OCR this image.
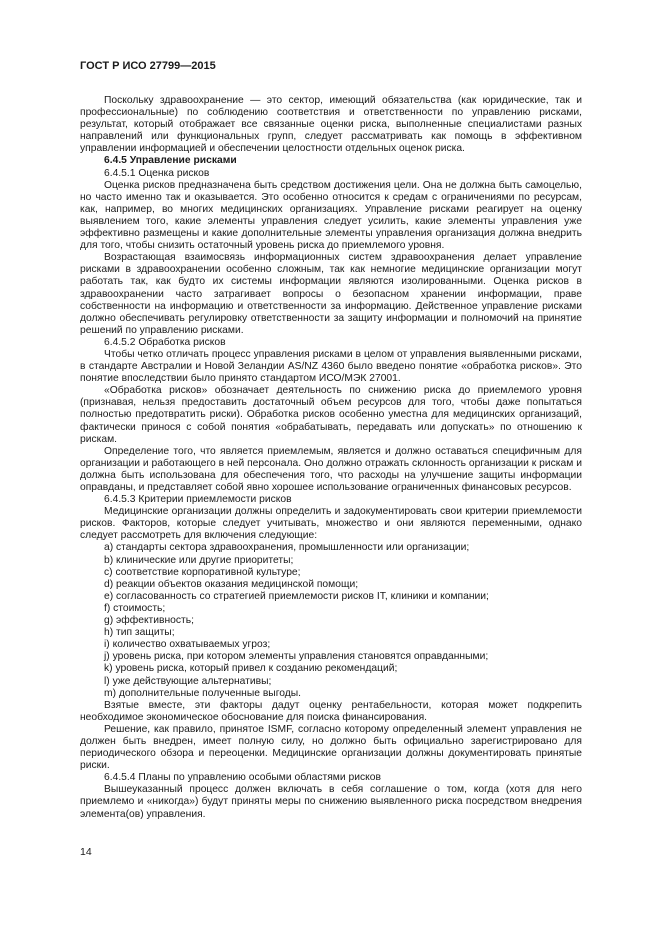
ГОСТ Р ИСО 27799—2015

Поскольку здравоохранение — это сектор, имеющий обязательства (как юридические, так и профессиональные) по соблюдению соответствия и ответственности по управлению рисками, результат, который отображает все связанные оценки риска, выполненные специалистами разных направлений или функциональных групп, следует рассматривать как помощь в эффективном управлении информацией и обеспечении целостности отдельных оценок риска.

6.4.5 Управление рисками

6.4.5.1 Оценка рисков

Оценка рисков предназначена быть средством достижения цели. Она не должна быть самоцелью, но часто именно так и оказывается. Это особенно относится к средам с ограничениями по ресурсам, как, например, во многих медицинских организациях. Управление рисками реагирует на оценку выявлением того, какие элементы управления следует усилить, какие элементы управления уже эффективно размещены и какие дополнительные элементы управления организация должна внедрить для того, чтобы снизить остаточный уровень риска до приемлемого уровня.

Возрастающая взаимосвязь информационных систем здравоохранения делает управление рисками в здравоохранении особенно сложным, так как немногие медицинские организации могут работать так, как будто их системы информации являются изолированными. Оценка рисков в здравоохранении часто затрагивает вопросы о безопасном хранении информации, праве собственности на информацию и ответственности за информацию. Действенное управление рисками должно обеспечивать регулировку ответственности за защиту информации и полномочий на принятие решений по управлению рисками.

6.4.5.2 Обработка рисков

Чтобы четко отличать процесс управления рисками в целом от управления выявленными рисками, в стандарте Австралии и Новой Зеландии AS/NZ 4360 было введено понятие «обработка рисков». Это понятие впоследствии было принято стандартом ИСО/МЭК 27001.

«Обработка рисков» обозначает деятельность по снижению риска до приемлемого уровня (признавая, нельзя предоставить достаточный объем ресурсов для того, чтобы даже попытаться полностью предотвратить риски). Обработка рисков особенно уместна для медицинских организаций, фактически принося с собой понятия «обрабатывать, передавать или допускать» по отношению к рискам.

Определение того, что является приемлемым, является и должно оставаться специфичным для организации и работающего в ней персонала. Оно должно отражать склонность организации к рискам и должна быть использована для обеспечения того, что расходы на улучшение защиты информации оправданы, и представляет собой явно хорошее использование ограниченных финансовых ресурсов.

6.4.5.3 Критерии приемлемости рисков

Медицинские организации должны определить и задокументировать свои критерии приемлемости рисков. Факторов, которые следует учитывать, множество и они являются переменными, однако следует рассмотреть для включения следующие:

a) стандарты сектора здравоохранения, промышленности или организации;

b) клинические или другие приоритеты;

c) соответствие корпоративной культуре;

d) реакции объектов оказания медицинской помощи;

e) согласованность со стратегией приемлемости рисков IT, клиники и компании;

f) стоимость;

g) эффективность;

h) тип защиты;

i) количество охватываемых угроз;

j) уровень риска, при котором элементы управления становятся оправданными;

k) уровень риска, который привел к созданию рекомендаций;

l) уже действующие альтернативы;

m) дополнительные полученные выгоды.

Взятые вместе, эти факторы дадут оценку рентабельности, которая может подкрепить необходимое экономическое обоснование для поиска финансирования.

Решение, как правило, принятое ISMF, согласно которому определенный элемент управления не должен быть внедрен, имеет полную силу, но должно быть официально зарегистрировано для периодического обзора и переоценки. Медицинские организации должны документировать принятые риски.

6.4.5.4 Планы по управлению особыми областями рисков

Вышеуказанный процесс должен включать в себя соглашение о том, когда (хотя для него приемлемо и «никогда») будут приняты меры по снижению выявленного риска посредством внедрения элемента(ов) управления.

14
